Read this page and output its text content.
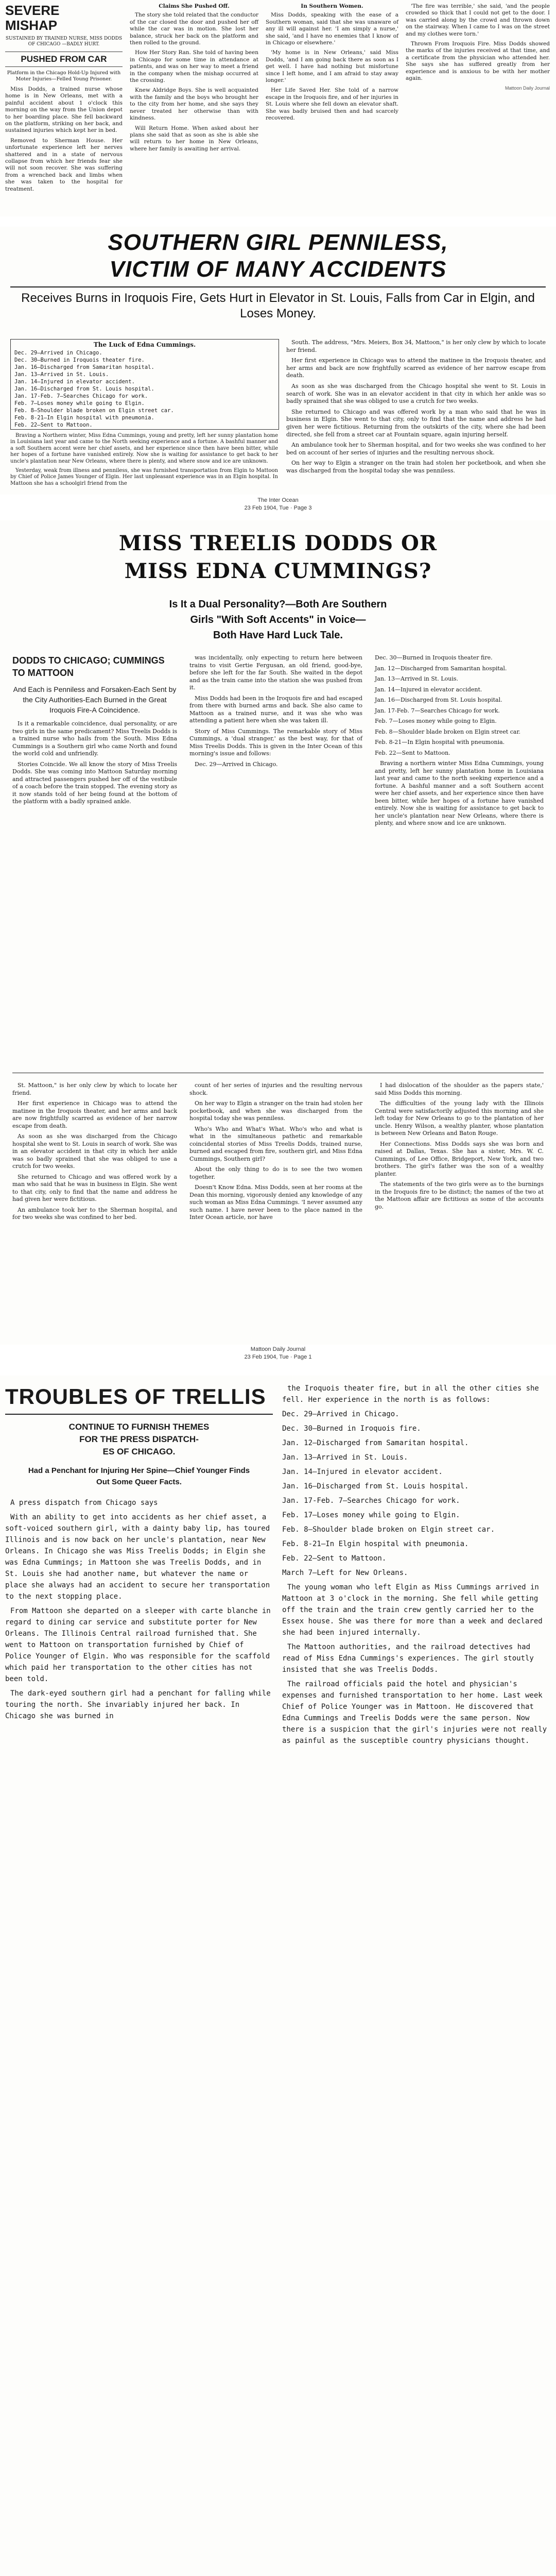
SEVERE
MISHAP
SUSTAINED BY TRAINED NURSE, MISS DODDS OF CHICAGO —BADLY HURT.
PUSHED FROM CAR
Platform in the Chicago Hold-Up Injured with Moter Injuries—Felled Young Prisoner.

Miss Dodds, a trained nurse whose home is in New Orleans, met with a painful accident about 1 o'clock this morning on the way from the Union depot to her boarding place. She fell backward on the platform, striking on her back, and sustained injuries which kept her in bed.

Removed to Sherman House. Her unfortunate experience left her nerves shattered and in a state of nervous collapse from which her friends fear she will not soon recover. She was suffering from a wrenched back and limbs when she was taken to the hospital for treatment.

Claims She Pushed Off.

The story she told related that the conductor of the car closed the door and pushed her off while the car was in motion. She lost her balance, struck her back on the platform and then rolled to the ground.

How Her Story Ran. She told of having been in Chicago for some time in attendance at patients, and was on her way to meet a friend in the company when the mishap occurred at the crossing.

Knew Aldridge Boys. She is well acquainted with the family and the boys who brought her to the city from her home, and she says they never treated her otherwise than with kindness.

Will Return Home. When asked about her plans she said that as soon as she is able she will return to her home in New Orleans, where her family is awaiting her arrival.

In Southern Women.

Miss Dodds, speaking with the ease of a Southern woman, said that she was unaware of any ill will against her. 'I am simply a nurse,' she said, 'and I have no enemies that I know of in Chicago or elsewhere.'

'My home is in New Orleans,' said Miss Dodds, 'and I am going back there as soon as I get well. I have had nothing but misfortune since I left home, and I am afraid to stay away longer.'

Her Life Saved Her. She told of a narrow escape in the Iroquois fire, and of her injuries in St. Louis where she fell down an elevator shaft. She was badly bruised then and had scarcely recovered.

'The fire was terrible,' she said, 'and the people crowded so thick that I could not get to the door. I was carried along by the crowd and thrown down on the stairway. When I came to I was on the street and my clothes were torn.'

Thrown From Iroquois Fire. Miss Dodds showed the marks of the injuries received at that time, and a certificate from the physician who attended her. She says she has suffered greatly from her experience and is anxious to be with her mother again.

Mattoon Daily Journal
SOUTHERN GIRL PENNILESS,
VICTIM OF MANY ACCIDENTS
Receives Burns in Iroquois Fire, Gets Hurt in Elevator in St. Louis, Falls from Car in Elgin, and Loses Money.
The Luck of Edna Cummings.
Dec. 29—Arrived in Chicago.
Dec. 30—Burned in Iroquois theater fire.
Jan. 16—Discharged from Samaritan hospital.
Jan. 13—Arrived in St. Louis.
Jan. 14—Injured in elevator accident.
Jan. 16—Discharged from St. Louis hospital.
Jan. 17-Feb. 7—Searches Chicago for work.
Feb. 7—Loses money while going to Elgin.
Feb. 8—Shoulder blade broken on Elgin street car.
Feb. 8-21—In Elgin hospital with pneumonia.
Feb. 22—Sent to Mattoon.

Braving a Northern winter, Miss Edna Cummings, young and pretty, left her sunny plantation home in Louisiana last year and came to the North seeking experience and a fortune. A bashful manner and a soft Southern accent were her chief assets, and her experience since then have been bitter, while her hopes of a fortune have vanished entirely. Now she is waiting for assistance to get back to her uncle's plantation near New Orleans, where there is plenty, and where snow and ice are unknown.

Yesterday, weak from illness and penniless, she was furnished transportation from Elgin to Mattoon by Chief of Police James Younger of Elgin. Her last unpleasant experience was in an Elgin hospital. In Mattoon she has a schoolgirl friend from the

South. The address, "Mrs. Meiers, Box 34, Mattoon," is her only clew by which to locate her friend.

Her first experience in Chicago was to attend the matinee in the Iroquois theater, and her arms and back are now frightfully scarred as evidence of her narrow escape from death.

As soon as she was discharged from the Chicago hospital she went to St. Louis in search of work. She was in an elevator accident in that city in which her ankle was so badly sprained that she was obliged to use a crutch for two weeks.

She returned to Chicago and was offered work by a man who said that he was in business in Elgin. She went to that city, only to find that the name and address he had given her were fictitious. Returning from the outskirts of the city, where she had been directed, she fell from a street car at Fountain square, again injuring herself.

An ambulance took her to Sherman hospital, and for two weeks she was confined to her bed on account of her series of injuries and the resulting nervous shock.

On her way to Elgin a stranger on the train had stolen her pocketbook, and when she was discharged from the hospital today she was penniless.

The Inter Ocean
23 Feb 1904, Tue · Page 3
MISS TREELIS DODDS OR
MISS EDNA CUMMINGS?
Is It a Dual Personality?—Both Are Southern
Girls "With Soft Accents" in Voice—
Both Have Hard Luck Tale.
DODDS TO CHICAGO; CUMMINGS TO MATTOON
And Each is Penniless and Forsaken-Each Sent by the City Authorities-Each Burned in the Great Iroquois Fire-A Coincidence.

Is it a remarkable coincidence, dual personality, or are two girls in the same predicament? Miss Treelis Dodds is a trained nurse who hails from the South. Miss Edna Cummings is a Southern girl who came North and found the world cold and unfriendly.

Stories Coincide. We all know the story of Miss Treelis Dodds. She was coming into Mattoon Saturday morning and attracted passengers pushed her off of the vestibule of a coach before the train stopped. The evening story as it now stands told of her being found at the bottom of the platform with a badly sprained ankle.

was incidentally, only expecting to return here between trains to visit Gertie Fergusan, an old friend, good-bye, before she left for the far South. She waited in the depot and as the train came into the station she was pushed from it.

Miss Dodds had been in the Iroquois fire and had escaped from there with burned arms and back. She also came to Mattoon as a trained nurse, and it was she who was attending a patient here when she was taken ill.

Story of Miss Cummings. The remarkable story of Miss Cummings, a 'dual stranger,' as the best way, for that of Miss Treelis Dodds. This is given in the Inter Ocean of this morning's issue and follows:

Dec. 29—Arrived in Chicago.

Dec. 30—Burned in Iroquois theater fire.

Jan. 12—Discharged from Samaritan hospital.

Jan. 13—Arrived in St. Louis.

Jan. 14—Injured in elevator accident.

Jan. 16—Discharged from St. Louis hospital.

Jan. 17-Feb. 7—Searches Chicago for work.

Feb. 7—Loses money while going to Elgin.

Feb. 8—Shoulder blade broken on Elgin street car.

Feb. 8-21—In Elgin hospital with pneumonia.

Feb. 22—Sent to Mattoon.

Braving a northern winter Miss Edna Cummings, young and pretty, left her sunny plantation home in Louisiana last year and came to the north seeking experience and a fortune. A bashful manner and a soft Southern accent were her chief assets, and her experience since then have been bitter, while her hopes of a fortune have vanished entirely. Now she is waiting for assistance to get back to her uncle's plantation near New Orleans, where there is plenty, and where snow and ice are unknown.

St. Mattoon," is her only clew by which to locate her friend.

Her first experience in Chicago was to attend the matinee in the Iroquois theater, and her arms and back are now frightfully scarred as evidence of her narrow escape from death.

As soon as she was discharged from the Chicago hospital she went to St. Louis in search of work. She was in an elevator accident in that city in which her ankle was so badly sprained that she was obliged to use a crutch for two weeks.

She returned to Chicago and was offered work by a man who said that he was in business in Elgin. She went to that city, only to find that the name and address he had given her were fictitious.

An ambulance took her to the Sherman hospital, and for two weeks she was confined to her bed.

count of her series of injuries and the resulting nervous shock.

On her way to Elgin a stranger on the train had stolen her pocketbook, and when she was discharged from the hospital today she was penniless.

Who's Who and What's What. Who's who and what is what in the simultaneous pathetic and remarkable coincidental stories of Miss Treelis Dodds, trained nurse, burned and escaped from fire, southern girl, and Miss Edna Cummings, Southern girl?

About the only thing to do is to see the two women together.

Doesn't Know Edna. Miss Dodds, seen at her rooms at the Dean this morning, vigorously denied any knowledge of any such woman as Miss Edna Cummings. 'I never assumed any such name. I have never been to the place named in the Inter Ocean article, nor have

I had dislocation of the shoulder as the papers state,' said Miss Dodds this morning.

The difficulties of the young lady with the Illinois Central were satisfactorily adjusted this morning and she left today for New Orleans to go to the plantation of her uncle. Henry Wilson, a wealthy planter, whose plantation is between New Orleans and Baton Rouge.

Her Connections. Miss Dodds says she was born and raised at Dallas, Texas. She has a sister, Mrs. W. C. Cummings, of Lee Office, Bridgeport, New York, and two brothers. The girl's father was the son of a wealthy planter.

The statements of the two girls were as to the burnings in the Iroquois fire to be distinct; the names of the two at the Mattoon affair are fictitious as some of the accounts go.

Mattoon Daily Journal
23 Feb 1904, Tue · Page 1
TROUBLES OF TRELLIS
CONTINUE TO FURNISH THEMES
FOR THE PRESS DISPATCH-
ES OF CHICAGO.
Had a Penchant for Injuring Her Spine—Chief Younger Finds Out Some Queer Facts.

A press dispatch from Chicago says

With an ability to get into accidents as her chief asset, a soft-voiced southern girl, with a dainty baby lip, has toured Illinois and is now back on her uncle's plantation, near New Orleans. In Chicago she was Miss Treelis Dodds; in Elgin she was Edna Cummings; in Mattoon she was Treelis Dodds, and in St. Louis she had another name, but whatever the name or place she always had an accident to secure her transportation to the next stopping place.

From Mattoon she departed on a sleeper with carte blanche in regard to dining car service and substitute porter for New Orleans. The Illinois Central railroad furnished that. She went to Mattoon on transportation furnished by Chief of Police Younger of Elgin. Who was responsible for the scaffold which paid her transportation to the other cities has not been told.

The dark-eyed southern girl had a penchant for falling while touring the north. She invariably injured her back. In Chicago she was burned in

the Iroquois theater fire, but in all the other cities she fell. Her experience in the north is as follows:

Dec. 29—Arrived in Chicago.

Dec. 30—Burned in Iroquois fire.

Jan. 12—Discharged from Samaritan hospital.

Jan. 13—Arrived in St. Louis.

Jan. 14—Injured in elevator accident.

Jan. 16—Discharged from St. Louis hospital.

Jan. 17-Feb. 7—Searches Chicago for work.

Feb. 17—Loses money while going to Elgin.

Feb. 8—Shoulder blade broken on Elgin street car.

Feb. 8-21—In Elgin hospital with pneumonia.

Feb. 22—Sent to Mattoon.

March 7—Left for New Orleans.

The young woman who left Elgin as Miss Cummings arrived in Mattoon at 3 o'clock in the morning. She fell while getting off the train and the train crew gently carried her to the Essex house. She was there for more than a week and declared she had been injured internally.

The Mattoon authorities, and the railroad detectives had read of Miss Edna Cummings's experiences. The girl stoutly insisted that she was Treelis Dodds.

The railroad officials paid the hotel and physician's expenses and furnished transportation to her home. Last week Chief of Police Younger was in Mattoon. He discovered that Edna Cummings and Treelis Dodds were the same person. Now there is a suspicion that the girl's injuries were not really as painful as the susceptible country physicians thought.
